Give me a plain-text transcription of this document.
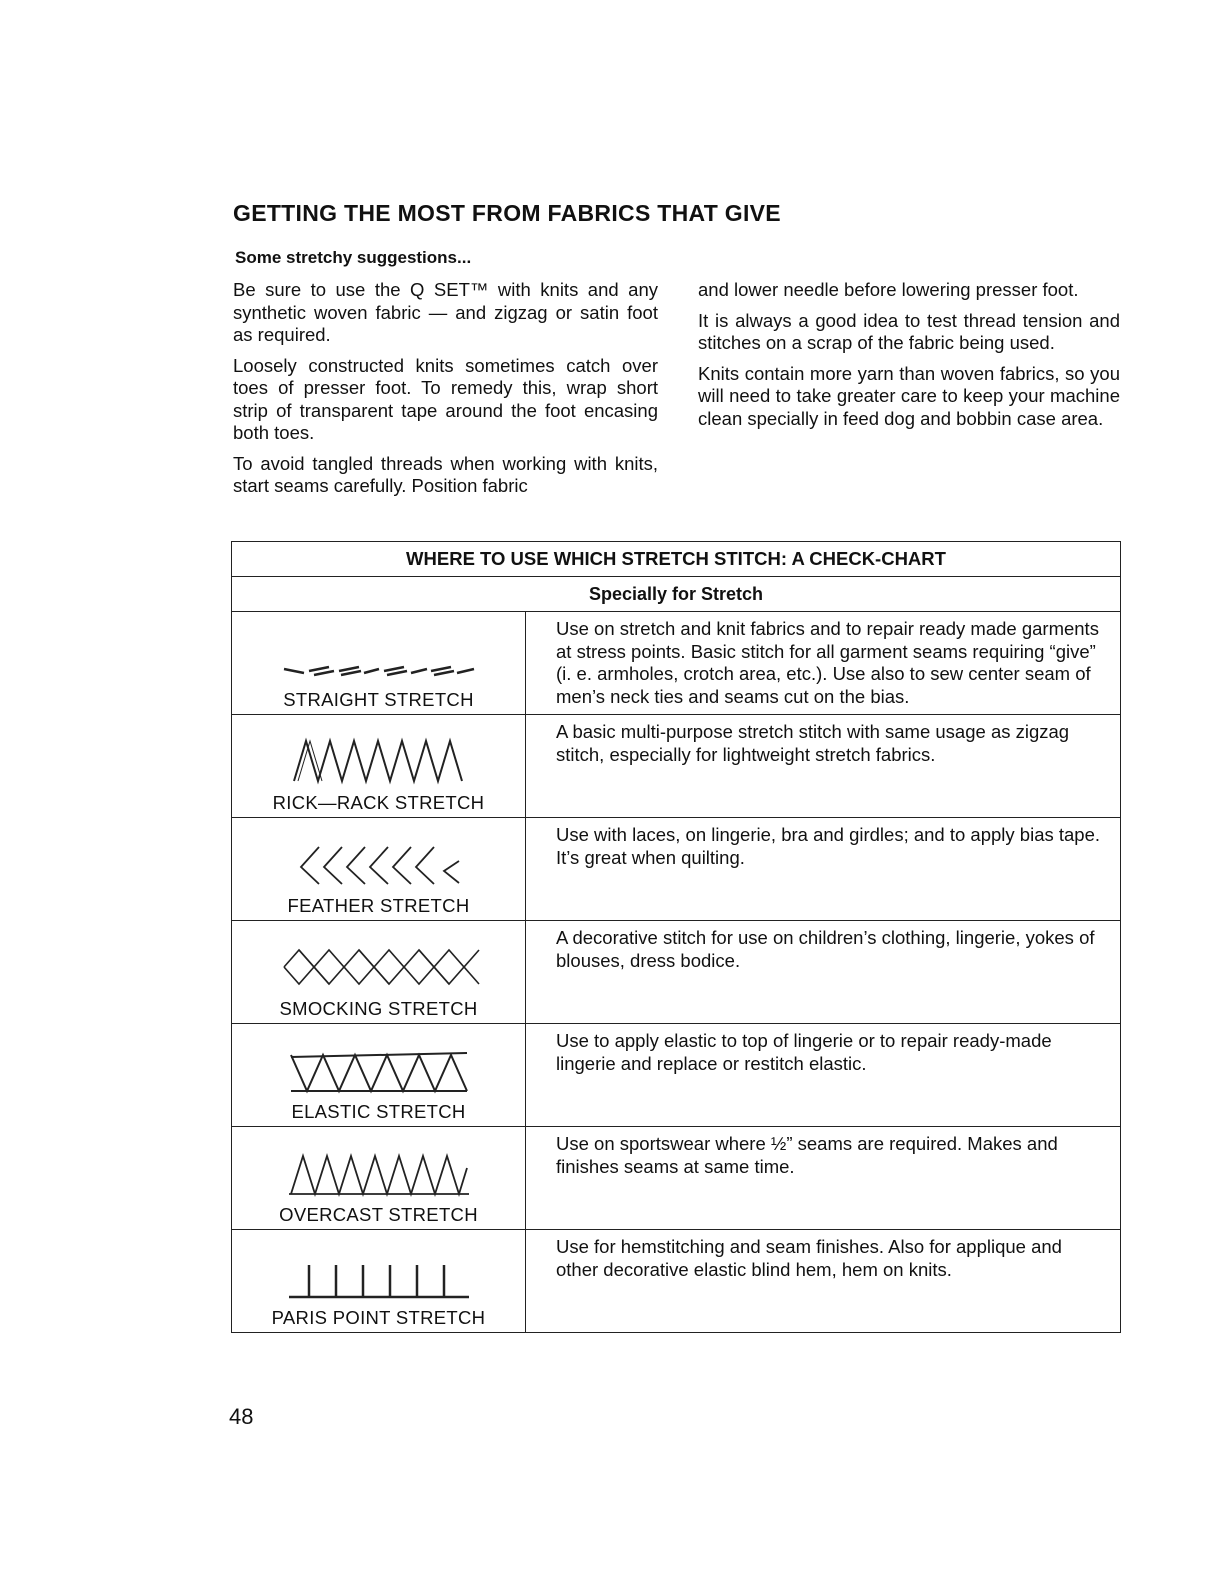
GETTING THE MOST FROM FABRICS THAT GIVE
Some stretchy suggestions...

Be sure to use the Q SET™ with knits and any synthetic woven fabric — and zigzag or satin foot as required.

Loosely constructed knits sometimes catch over toes of presser foot. To remedy this, wrap short strip of transparent tape around the foot encasing both toes.

To avoid tangled threads when working with knits, start seams carefully. Position fabric

and lower needle before lowering presser foot.

It is always a good idea to test thread tension and stitches on a scrap of the fabric being used.

Knits contain more yarn than woven fabrics, so you will need to take greater care to keep your machine clean specially in feed dog and bobbin case area.

WHERE TO USE WHICH STRETCH STITCH: A CHECK-CHART	
Specially for Stretch	

STRAIGHT STRETCH	Use on stretch and knit fabrics and to repair ready made garments at stress points. Basic stitch for all garment seams requiring “give” (i. e. armholes, crotch area, etc.). Use also to sew center seam of men’s neck ties and seams cut on the bias.

RICK—RACK STRETCH	A basic multi-purpose stretch stitch with same usage as zigzag stitch, especially for lightweight stretch fabrics.

FEATHER STRETCH	Use with laces, on lingerie, bra and girdles; and to apply bias tape. It’s great when quilting.

SMOCKING STRETCH	A decorative stitch for use on children’s clothing, lingerie, yokes of blouses, dress bodice.

ELASTIC STRETCH	Use to apply elastic to top of lingerie or to repair ready-made lingerie and replace or restitch elastic.

OVERCAST STRETCH	Use on sportswear where ½” seams are required. Makes and finishes seams at same time.

PARIS POINT STRETCH	Use for hemstitching and seam finishes. Also for applique and other decorative elastic blind hem, hem on knits.
48
